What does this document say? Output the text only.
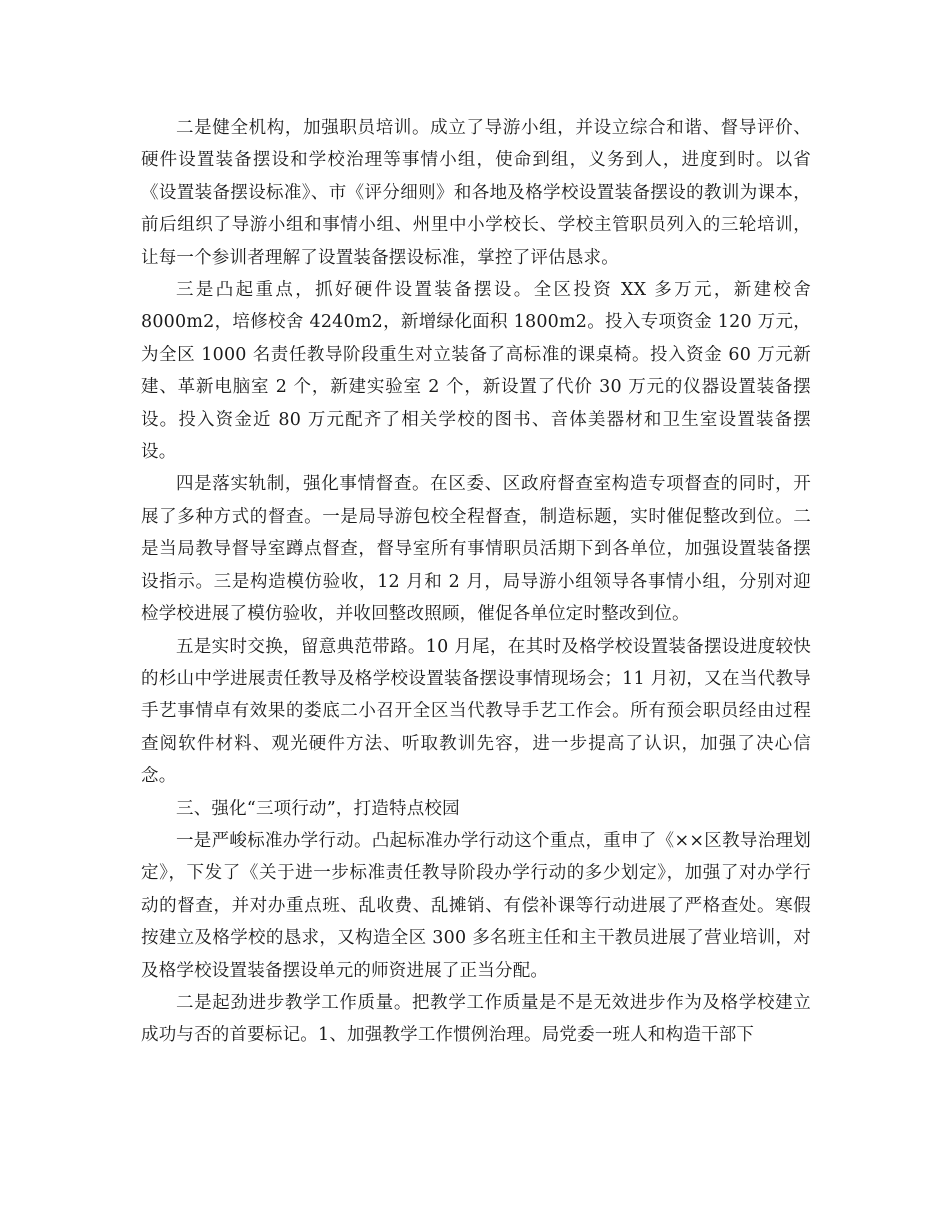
二是健全机构，加强职员培训。成立了导游小组，并设立综合和谐、督导评价、硬件设置装备摆设和学校治理等事情小组，使命到组，义务到人，进度到时。以省《设置装备摆设标准》、市《评分细则》和各地及格学校设置装备摆设的教训为课本，前后组织了导游小组和事情小组、州里中小学校长、学校主管职员列入的三轮培训，让每一个参训者理解了设置装备摆设标准，掌控了评估恳求。

三是凸起重点，抓好硬件设置装备摆设。全区投资 XX 多万元，新建校舍 8000m2，培修校舍 4240m2，新增绿化面积 1800m2。投入专项资金 120 万元，为全区 1000 名责任教导阶段重生对立装备了高标准的课桌椅。投入资金 60 万元新建、革新电脑室 2 个，新建实验室 2 个，新设置了代价 30 万元的仪器设置装备摆设。投入资金近 80 万元配齐了相关学校的图书、音体美器材和卫生室设置装备摆设。

四是落实轨制，强化事情督查。在区委、区政府督查室构造专项督查的同时，开展了多种方式的督查。一是局导游包校全程督查，制造标题，实时催促整改到位。二是当局教导督导室蹲点督查，督导室所有事情职员活期下到各单位，加强设置装备摆设指示。三是构造模仿验收，12 月和 2 月，局导游小组领导各事情小组，分别对迎检学校进展了模仿验收，并收回整改照顾，催促各单位定时整改到位。

五是实时交换，留意典范带路。10 月尾，在其时及格学校设置装备摆设进度较快的杉山中学进展责任教导及格学校设置装备摆设事情现场会；11 月初，又在当代教导手艺事情卓有效果的娄底二小召开全区当代教导手艺工作会。所有预会职员经由过程查阅软件材料、观光硬件方法、听取教训先容，进一步提高了认识，加强了决心信念。

三、强化“三项行动”，打造特点校园

一是严峻标准办学行动。凸起标准办学行动这个重点，重申了《××区教导治理划定》，下发了《关于进一步标准责任教导阶段办学行动的多少划定》，加强了对办学行动的督查，并对办重点班、乱收费、乱摊销、有偿补课等行动进展了严格查处。寒假按建立及格学校的恳求，又构造全区 300 多名班主任和主干教员进展了营业培训，对及格学校设置装备摆设单元的师资进展了正当分配。

二是起劲进步教学工作质量。把教学工作质量是不是无效进步作为及格学校建立成功与否的首要标记。1、加强教学工作惯例治理。局党委一班人和构造干部下
